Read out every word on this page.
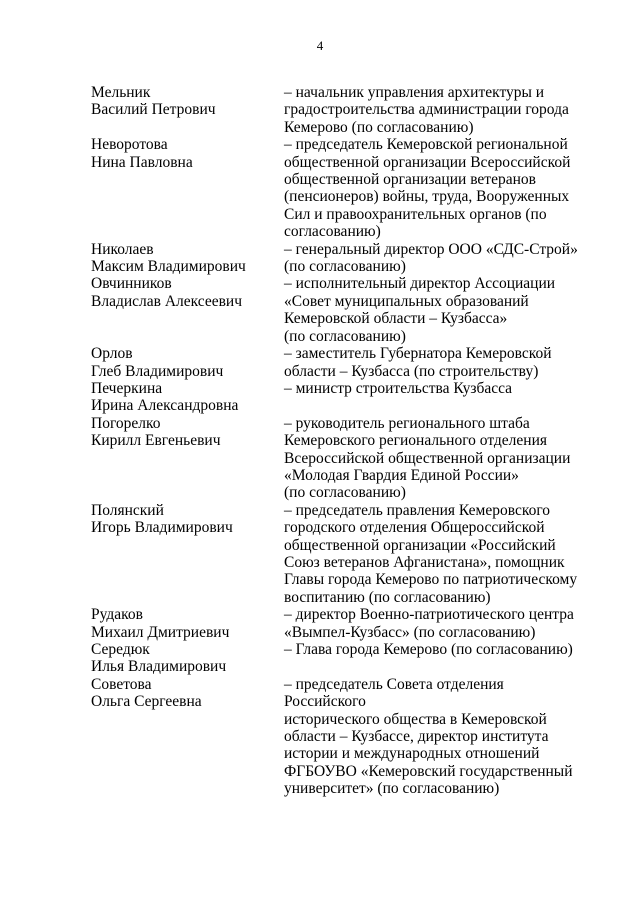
4
Мельник
Василий Петрович
– начальник управления архитектуры и
градостроительства администрации города
Кемерово (по согласованию)
Неворотова
Нина Павловна
– председатель Кемеровской региональной
общественной организации Всероссийской
общественной организации ветеранов
(пенсионеров) войны, труда, Вооруженных
Сил и правоохранительных органов (по
согласованию)
Николаев
Максим Владимирович
– генеральный директор ООО «СДС-Строй»
(по согласованию)
Овчинников
Владислав Алексеевич
– исполнительный директор Ассоциации
«Совет муниципальных образований
Кемеровской области – Кузбасса»
(по согласованию)
Орлов
Глеб Владимирович
– заместитель Губернатора Кемеровской
области – Кузбасса (по строительству)
Печеркина
Ирина Александровна
– министр строительства Кузбасса
Погорелко
Кирилл Евгеньевич
– руководитель регионального штаба
Кемеровского регионального отделения
Всероссийской общественной организации
«Молодая Гвардия Единой России»
(по согласованию)
Полянский
Игорь Владимирович
– председатель правления Кемеровского
городского отделения Общероссийской
общественной организации «Российский
Союз ветеранов Афганистана», помощник
Главы города Кемерово по патриотическому
воспитанию (по согласованию)
Рудаков
Михаил Дмитриевич
– директор Военно-патриотического центра
«Вымпел-Кузбасс» (по согласованию)
Середюк
Илья Владимирович
– Глава города Кемерово (по согласованию)
Советова
Ольга Сергеевна
– председатель Совета отделения Российского
исторического общества в Кемеровской
области – Кузбассе, директор института
истории и международных отношений
ФГБОУВО «Кемеровский государственный
университет» (по согласованию)
